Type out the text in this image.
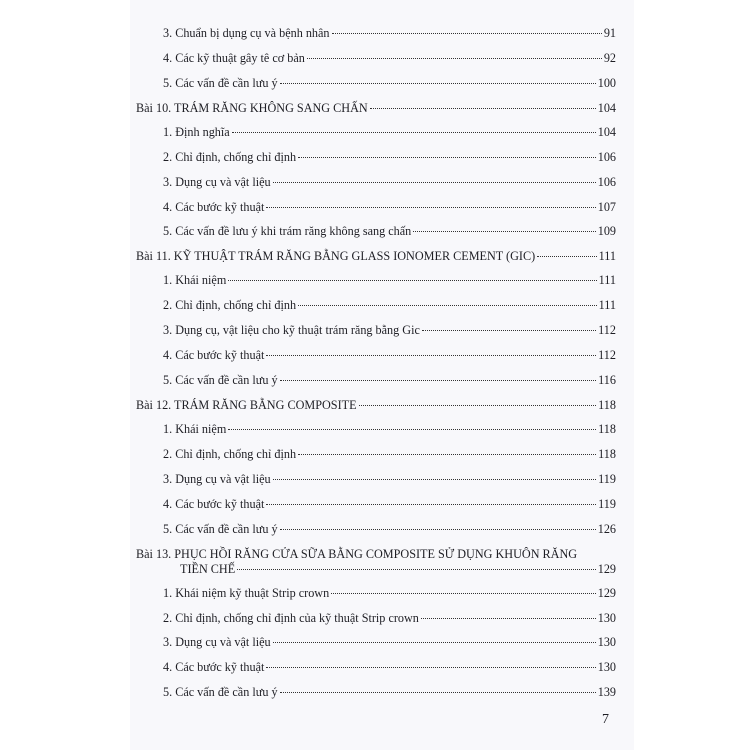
3. Chuẩn bị dụng cụ và bệnh nhân	91
4. Các kỹ thuật gây tê cơ bản	92
5. Các vấn đề cần lưu ý	100
Bài 10. TRÁM RĂNG KHÔNG SANG CHẤN	104
1. Định nghĩa	104
2. Chỉ định, chống chỉ định	106
3. Dụng cụ và vật liệu	106
4. Các bước kỹ thuật	107
5. Các vấn đề lưu ý khi trám răng không sang chấn	109
Bài 11. KỸ THUẬT TRÁM RĂNG BẰNG GLASS IONOMER CEMENT (GIC)	111
1. Khái niệm	111
2. Chỉ định, chống chỉ định	111
3. Dụng cụ, vật liệu cho kỹ thuật trám răng bằng Gic	112
4. Các bước kỹ thuật	112
5. Các vấn đề cần lưu ý	116
Bài 12. TRÁM RĂNG BẰNG COMPOSITE	118
1. Khái niệm	118
2. Chỉ định, chống chỉ định	118
3. Dụng cụ và vật liệu	119
4. Các bước kỹ thuật	119
5. Các vấn đề cần lưu ý	126
Bài 13. PHỤC HỒI RĂNG CỬA SỮA BẰNG COMPOSITE SỬ DỤNG KHUÔN RĂNG
TIỀN CHẾ	129
1. Khái niệm kỹ thuật Strip crown	129
2. Chỉ định, chống chỉ định của kỹ thuật Strip crown	130
3. Dụng cụ và vật liệu	130
4. Các bước kỹ thuật	130
5. Các vấn đề cần lưu ý	139
7
